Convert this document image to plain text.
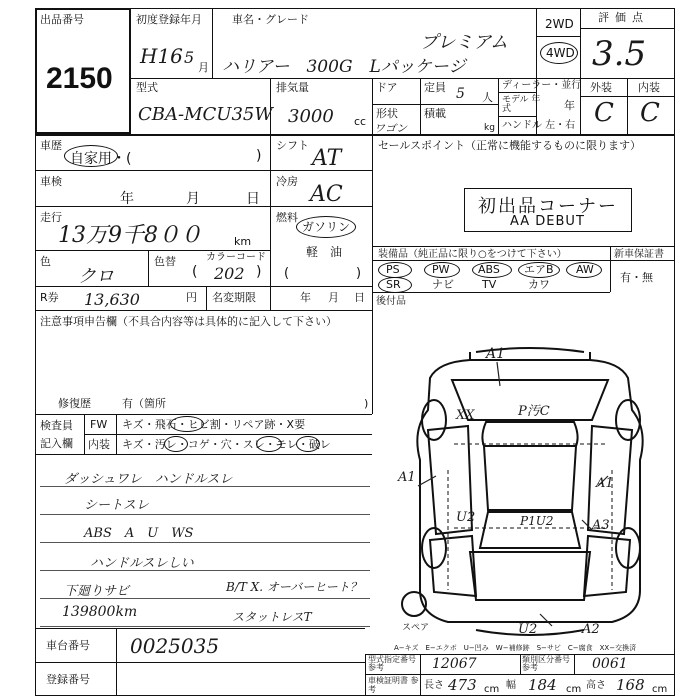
出品番号
2150
初度登録年月
H16 5
月
車名・グレード
プレミアム
ハリアー　300G　Lパッケージ
2WD
4WD
評価点
3.5
型式
CBA-MCU35W
排気量
3000 cc
ドア 定員 5 人
形状
ワゴン
積載
kg
ディーラー・並行
モデル 年式	年
ハンドル 左・右
外装 内装
C C
車歴
自家用・(	)
シフト
AT
車検
年	月	日
冷房
AC
走行
13万9千8００	km
燃料
ガソリン
軽　油
(	)
色
クロ
色替	カラーコード
( 202 )
R券 13,630	円 名変期限	年 月 日
セールスポイント（正常に機能するものに限ります）
初出品コーナー
AA DEBUT
装備品（純正品に限り○をつけて下さい）	新車保証書
有・無
PS	PW	ABS エアB AW
SR	ナビ	TV	カワ
後付品
注意事項申告欄（不具合内容等は具体的に記入して下さい）
修復歴	有（箇所	)
検査員
記入欄
FW キズ・飛石・ヒビ割・リペア跡・X要
内装 キズ・汚レ・コゲ・穴・スレ・モレ・破レ
ダッシュワレ　ハンドルスレ
シートスレ
ABS　A　U　WS
ハンドルスレしい
下廻りサビ
139800km
B/T X. オーバーヒート？
スタットレスT
車台番号 0025035
登録番号
型式指定番号 参考	12067	類別区分番号 参考	0061
車検証明書 参考	長さ 473 cm 幅 184 cm 高さ 168 cm
A1
XX	P汚C
A1	A1
U2	P1U2	A3
U2	A2
スペア
A−キズ　E−エクボ　U−凹み　W−補修跡　S−サビ　C−腐食　XX−交換済
